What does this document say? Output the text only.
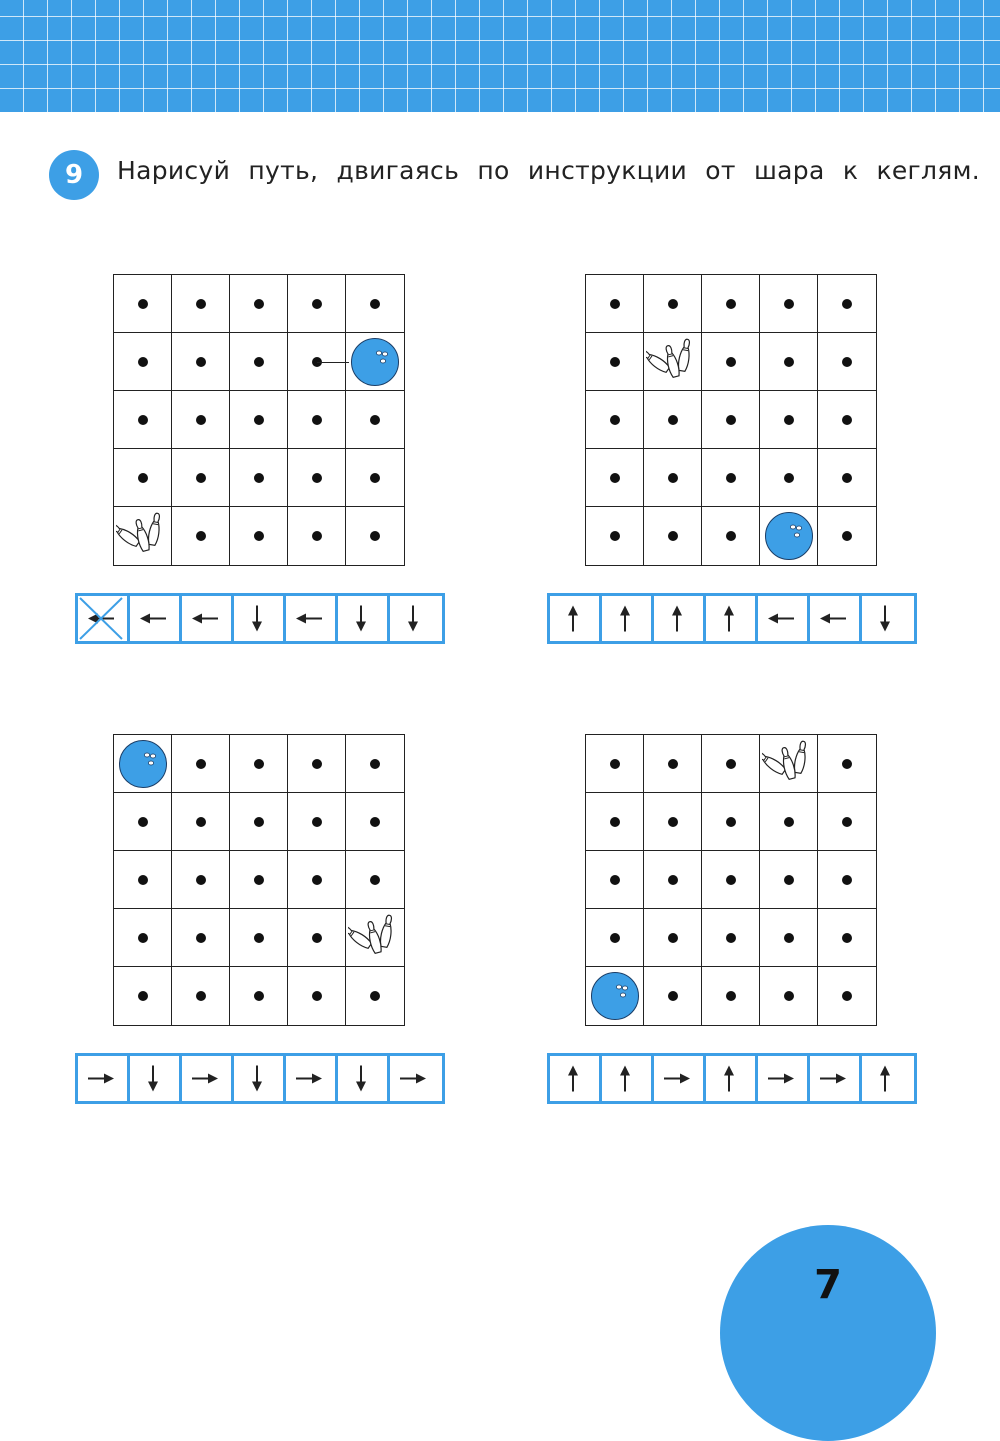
9	Нарисуй путь, двигаясь по инструкции от шара к кеглям.
7
